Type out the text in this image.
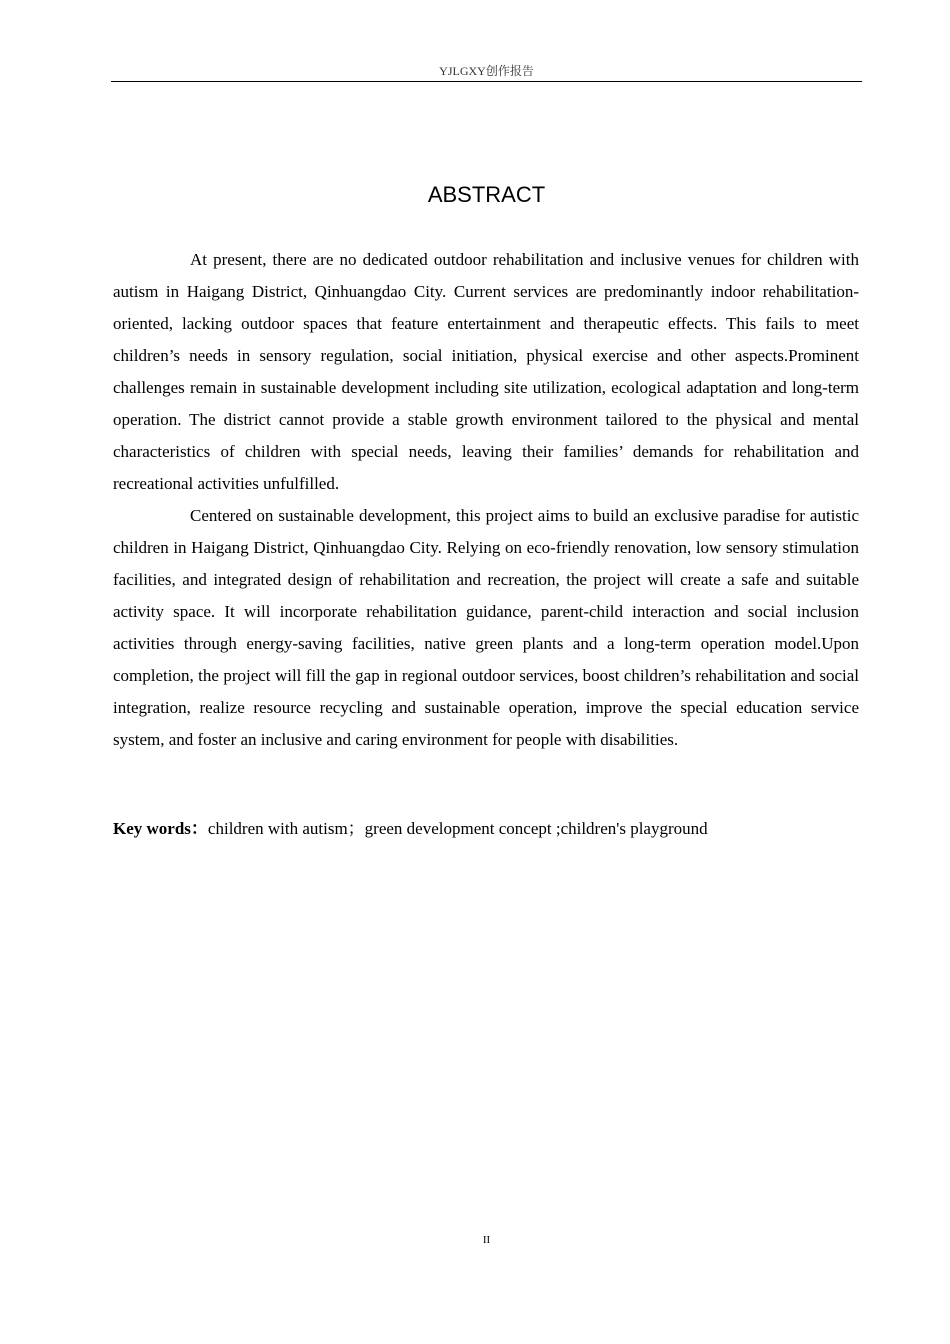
YJLGXY创作报告
ABSTRACT

At present, there are no dedicated outdoor rehabilitation and inclusive venues for children with autism in Haigang District, Qinhuangdao City. Current services are predominantly indoor rehabilitation-oriented, lacking outdoor spaces that feature entertainment and therapeutic effects. This fails to meet children’s needs in sensory regulation, social initiation, physical exercise and other aspects.Prominent challenges remain in sustainable development including site utilization, ecological adaptation and long-term operation. The district cannot provide a stable growth environment tailored to the physical and mental characteristics of children with special needs, leaving their families’ demands for rehabilitation and recreational activities unfulfilled.

Centered on sustainable development, this project aims to build an exclusive paradise for autistic children in Haigang District, Qinhuangdao City. Relying on eco-friendly renovation, low sensory stimulation facilities, and integrated design of rehabilitation and recreation, the project will create a safe and suitable activity space. It will incorporate rehabilitation guidance, parent-child interaction and social inclusion activities through energy-saving facilities, native green plants and a long-term operation model.Upon completion, the project will fill the gap in regional outdoor services, boost children’s rehabilitation and social integration, realize resource recycling and sustainable operation, improve the special education service system, and foster an inclusive and caring environment for people with disabilities.

Key words：children with autism；green development concept ;children's playground
II
